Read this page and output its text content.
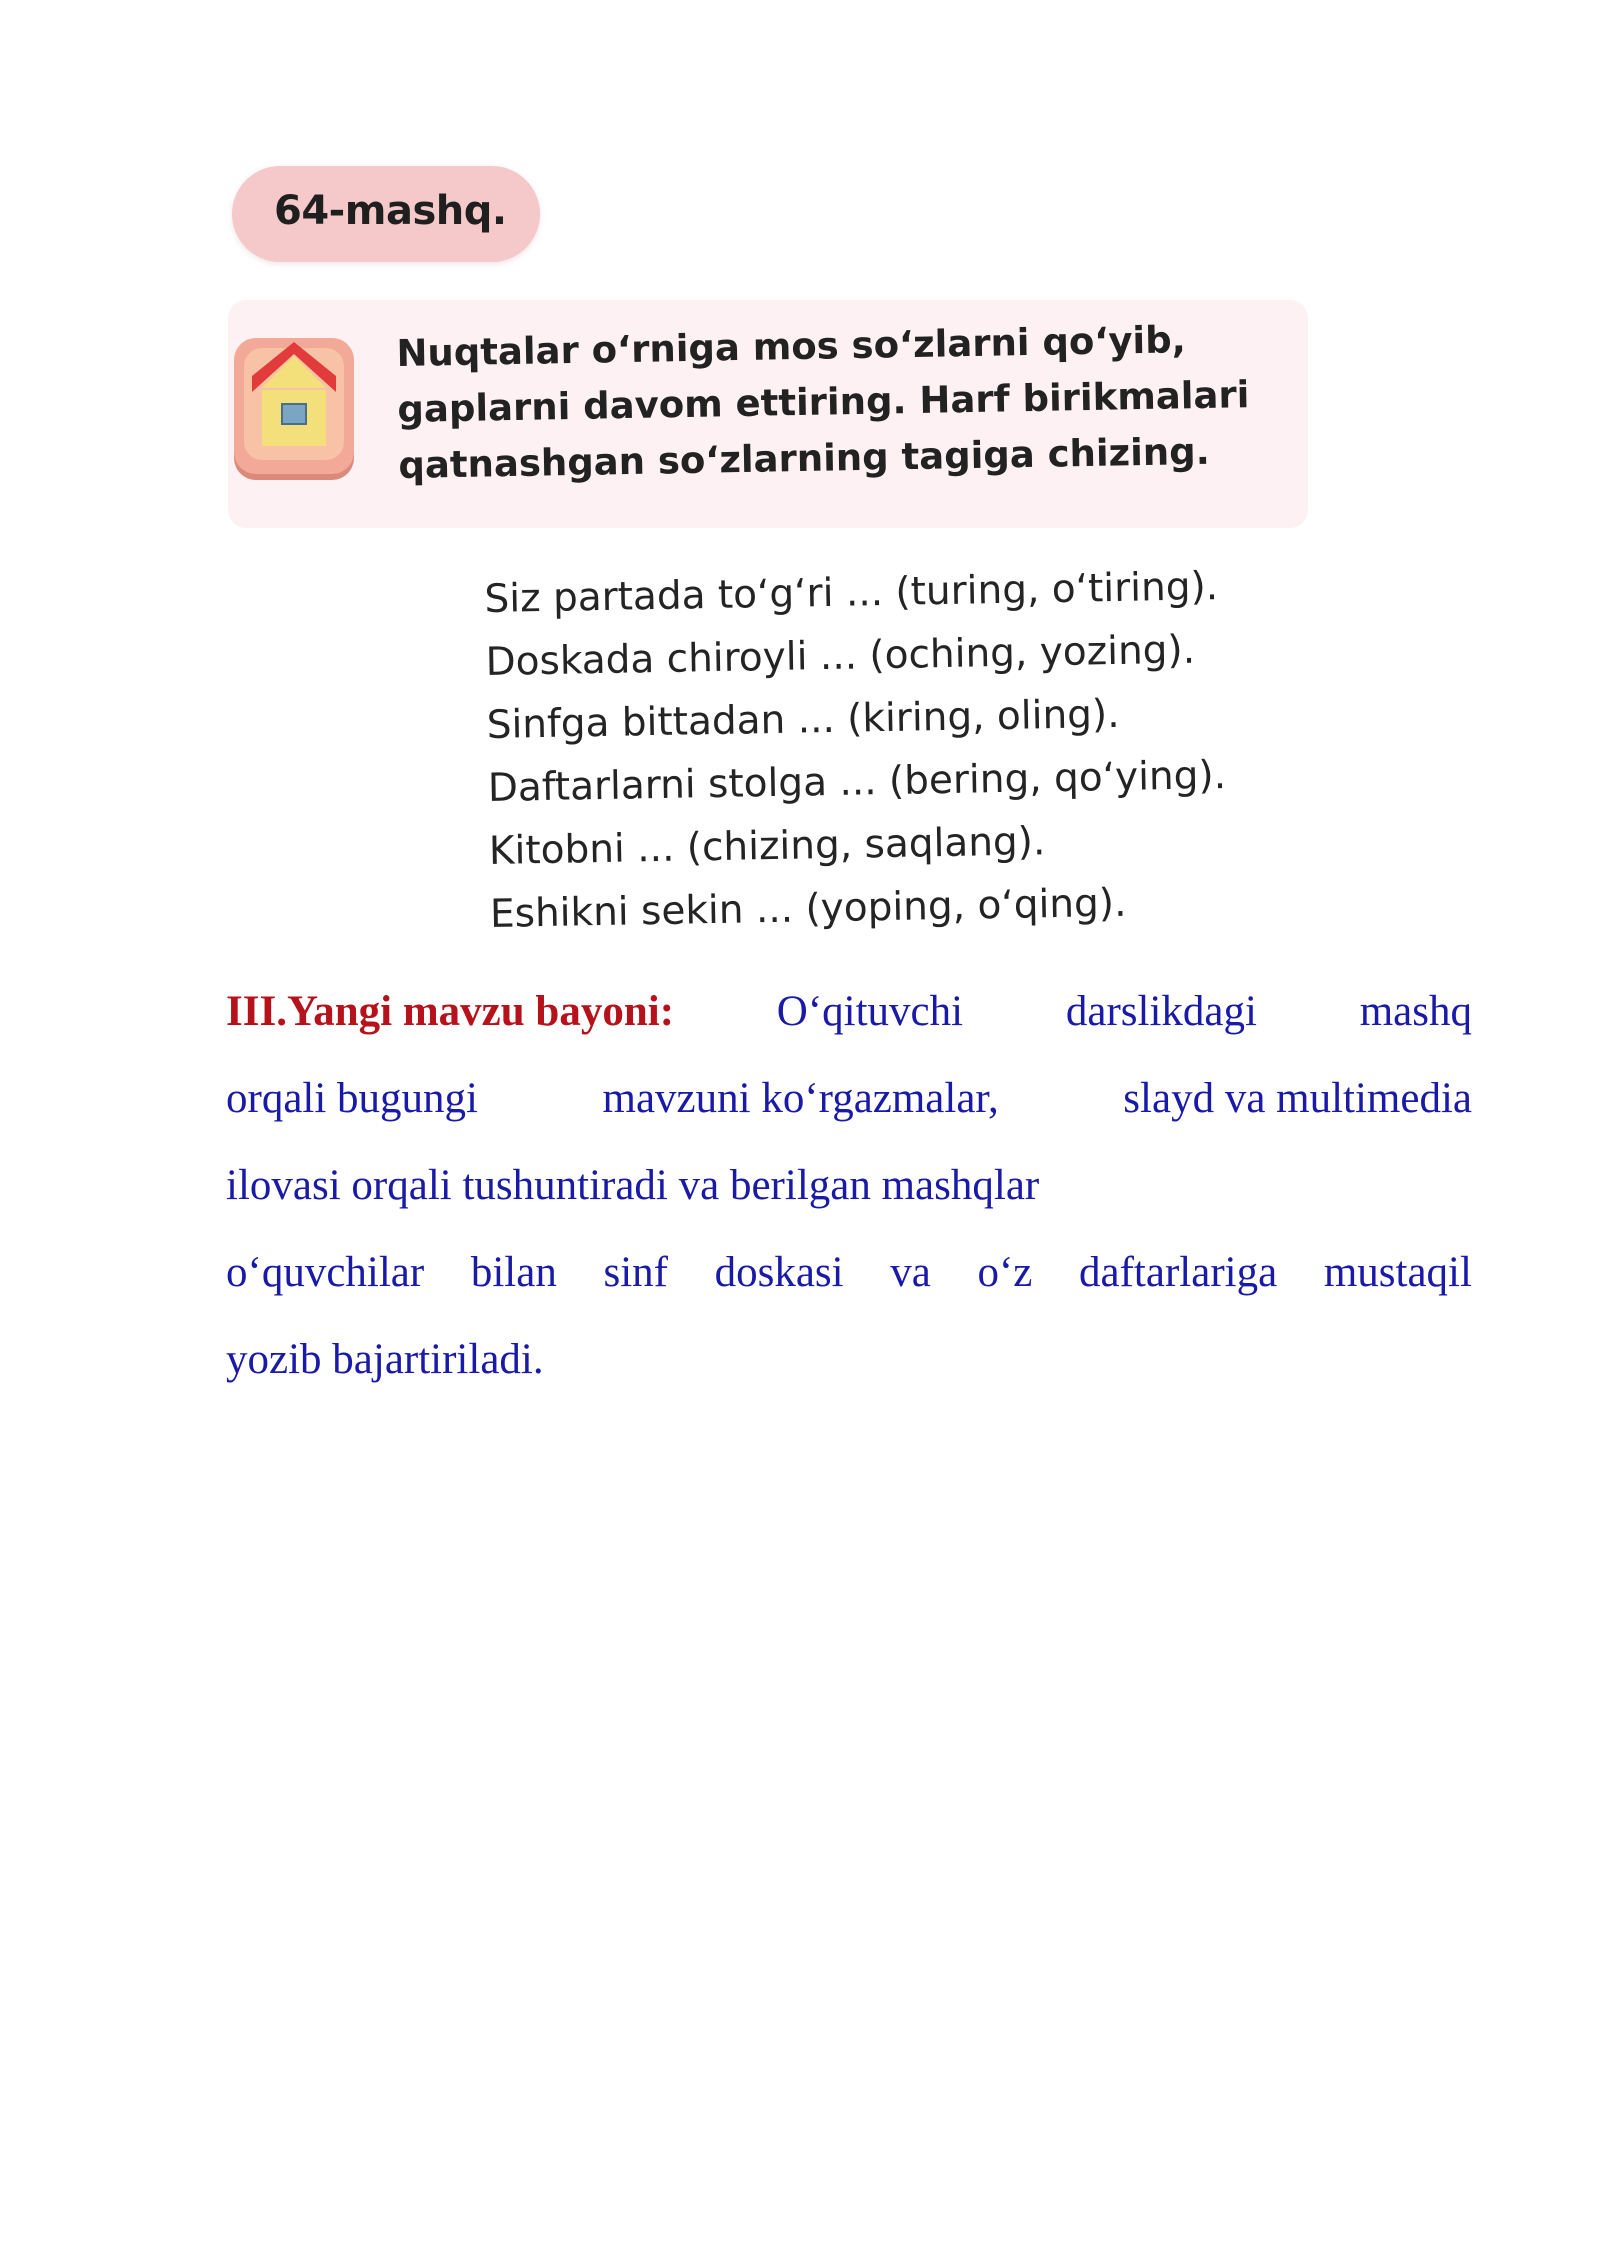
64-mashq.
Nuqtalar o‘rniga mos so‘zlarni qo‘yib,
gaplarni davom ettiring. Harf birikmalari
qatnashgan so‘zlarning tagiga chizing.
Siz partada to‘g‘ri ... (turing, o‘tiring).
Doskada chiroyli ... (oching, yozing).
Sinfga bittadan ... (kiring, oling).
Daftarlarni stolga ... (bering, qo‘ying).
Kitobni ... (chizing, saqlang).
Eshikni sekin ... (yoping, o‘qing).
III.Yangi mavzu bayoni: O‘qituvchi darslikdagi mashq
orqali bugungi	mavzuni ko‘rgazmalar,	slayd va multimedia
ilovasi orqali tushuntiradi va berilgan mashqlar
o‘quvchilar bilan sinf doskasi va o‘z daftarlariga mustaqil
yozib bajartiriladi.
